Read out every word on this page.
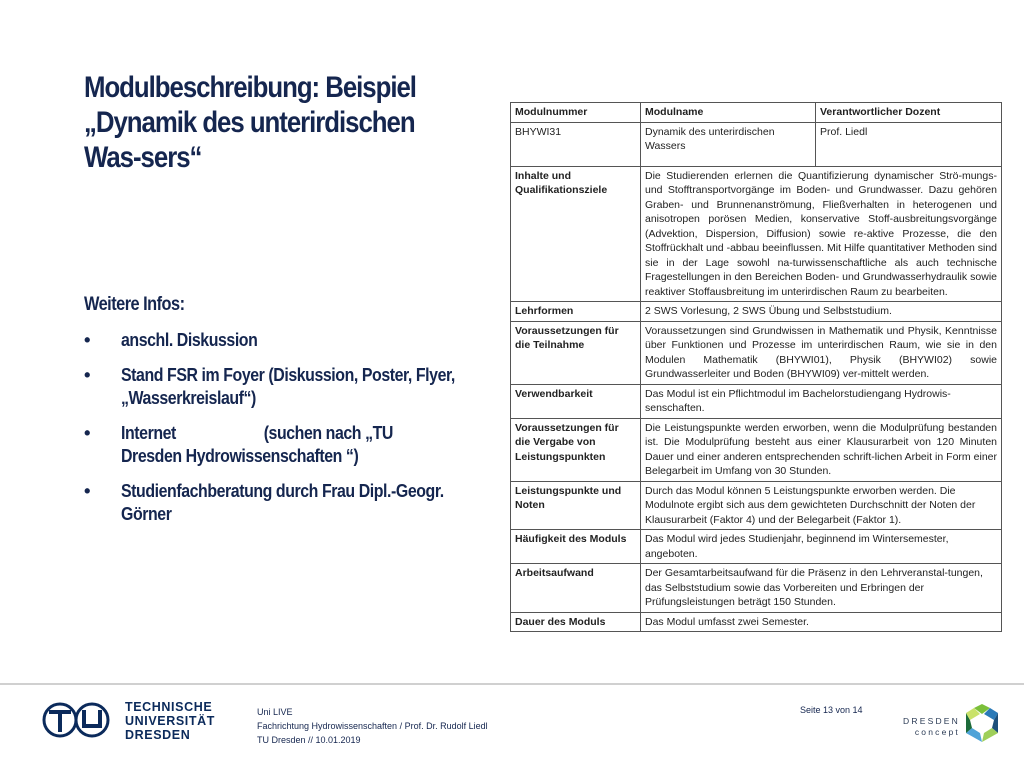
Modulbeschreibung: Beispiel
„Dynamik des unterirdischen
Was-sers“
Weitere Infos:
• anschl. Diskussion
• Stand FSR im Foyer (Diskussion, Poster, Flyer, „Wasserkreislauf“)
• Internet                      (suchen nach „TU Dresden Hydrowissenschaften “)
• Studienfachberatung durch Frau Dipl.-Geogr. Görner
Modulnummer	Modulname	Verantwortlicher Dozent
BHYWI31	Dynamik des unterirdischen Wassers	Prof. Liedl
Inhalte und Qualifikationsziele	Die Studierenden erlernen die Quantifizierung dynamischer Strö-mungs- und Stofftransportvorgänge im Boden- und Grundwasser. Dazu gehören Graben- und Brunnenanströmung, Fließverhalten in heterogenen und anisotropen porösen Medien, konservative Stoff-ausbreitungsvorgänge (Advektion, Dispersion, Diffusion) sowie re-aktive Prozesse, die den Stoffrückhalt und -abbau beeinflussen. Mit Hilfe quantitativer Methoden sind sie in der Lage sowohl na-turwissenschaftliche als auch technische Fragestellungen in den Bereichen Boden- und Grundwasserhydraulik sowie reaktiver Stoffausbreitung im unterirdischen Raum zu bearbeiten.	
Lehrformen	2 SWS Vorlesung, 2 SWS Übung und Selbststudium.	
Voraussetzungen für die Teilnahme	Voraussetzungen sind Grundwissen in Mathematik und Physik, Kenntnisse über Funktionen und Prozesse im unterirdischen Raum, wie sie in den Modulen Mathematik (BHYWI01), Physik (BHYWI02) sowie Grundwasserleiter und Boden (BHYWI09) ver-mittelt werden.	
Verwendbarkeit	Das Modul ist ein Pflichtmodul im Bachelorstudiengang Hydrowis-senschaften.	
Voraussetzungen für die Vergabe von Leistungspunkten	Die Leistungspunkte werden erworben, wenn die Modulprüfung bestanden ist. Die Modulprüfung besteht aus einer Klausurarbeit von 120 Minuten Dauer und einer anderen entsprechenden schrift-lichen Arbeit in Form einer Belegarbeit im Umfang von 30 Stunden.	
Leistungspunkte und Noten	Durch das Modul können 5 Leistungspunkte erworben werden. Die Modulnote ergibt sich aus dem gewichteten Durchschnitt der Noten der Klausurarbeit (Faktor 4) und der Belegarbeit (Faktor 1).	
Häufigkeit des Moduls	Das Modul wird jedes Studienjahr, beginnend im Wintersemester, angeboten.	
Arbeitsaufwand	Der Gesamtarbeitsaufwand für die Präsenz in den Lehrveranstal-tungen, das Selbststudium sowie das Vorbereiten und Erbringen der Prüfungsleistungen beträgt 150 Stunden.	
Dauer des Moduls	Das Modul umfasst zwei Semester.	
TECHNISCHE
UNIVERSITÄT
DRESDEN
Uni LIVE
Fachrichtung Hydrowissenschaften / Prof. Dr. Rudolf Liedl
TU Dresden // 10.01.2019
Seite 13 von 14
DRESDEN
concept
